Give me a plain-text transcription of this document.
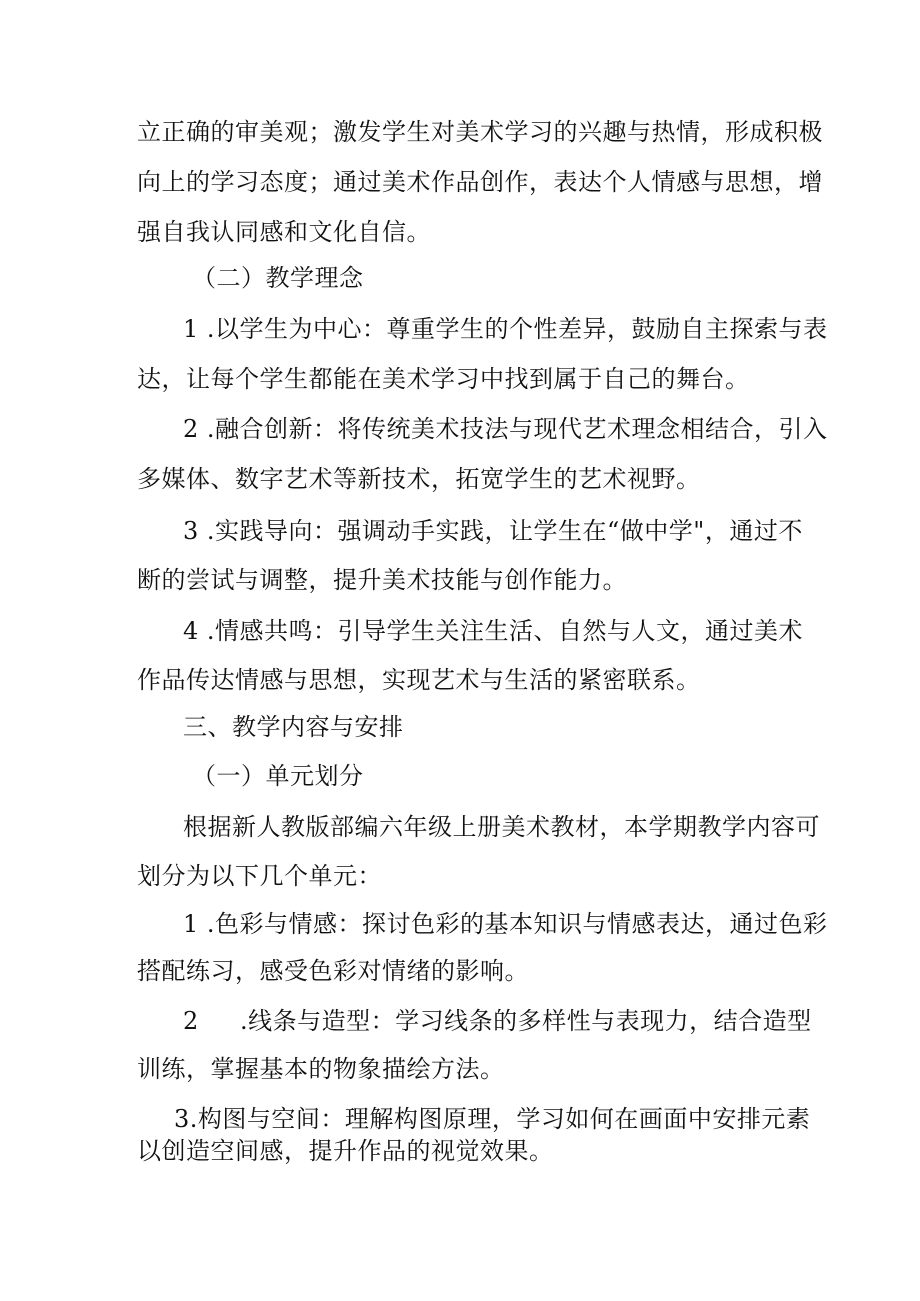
立正确的审美观；激发学生对美术学习的兴趣与热情，形成积极
向上的学习态度；通过美术作品创作，表达个人情感与思想，增
强自我认同感和文化自信。
（二）教学理念
1 .以学生为中心：尊重学生的个性差异，鼓励自主探索与表
达，让每个学生都能在美术学习中找到属于自己的舞台。
2 .融合创新：将传统美术技法与现代艺术理念相结合，引入
多媒体、数字艺术等新技术，拓宽学生的艺术视野。
3 .实践导向：强调动手实践，让学生在“做中学"，通过不
断的尝试与调整，提升美术技能与创作能力。
4 .情感共鸣：引导学生关注生活、自然与人文，通过美术
作品传达情感与思想，实现艺术与生活的紧密联系。
三、教学内容与安排
（一）单元划分
根据新人教版部编六年级上册美术教材，本学期教学内容可
划分为以下几个单元：
1 .色彩与情感：探讨色彩的基本知识与情感表达，通过色彩
搭配练习，感受色彩对情绪的影响。
2 .线条与造型：学习线条的多样性与表现力，结合造型
训练，掌握基本的物象描绘方法。
3.构图与空间：理解构图原理，学习如何在画面中安排元素
以创造空间感，提升作品的视觉效果。
